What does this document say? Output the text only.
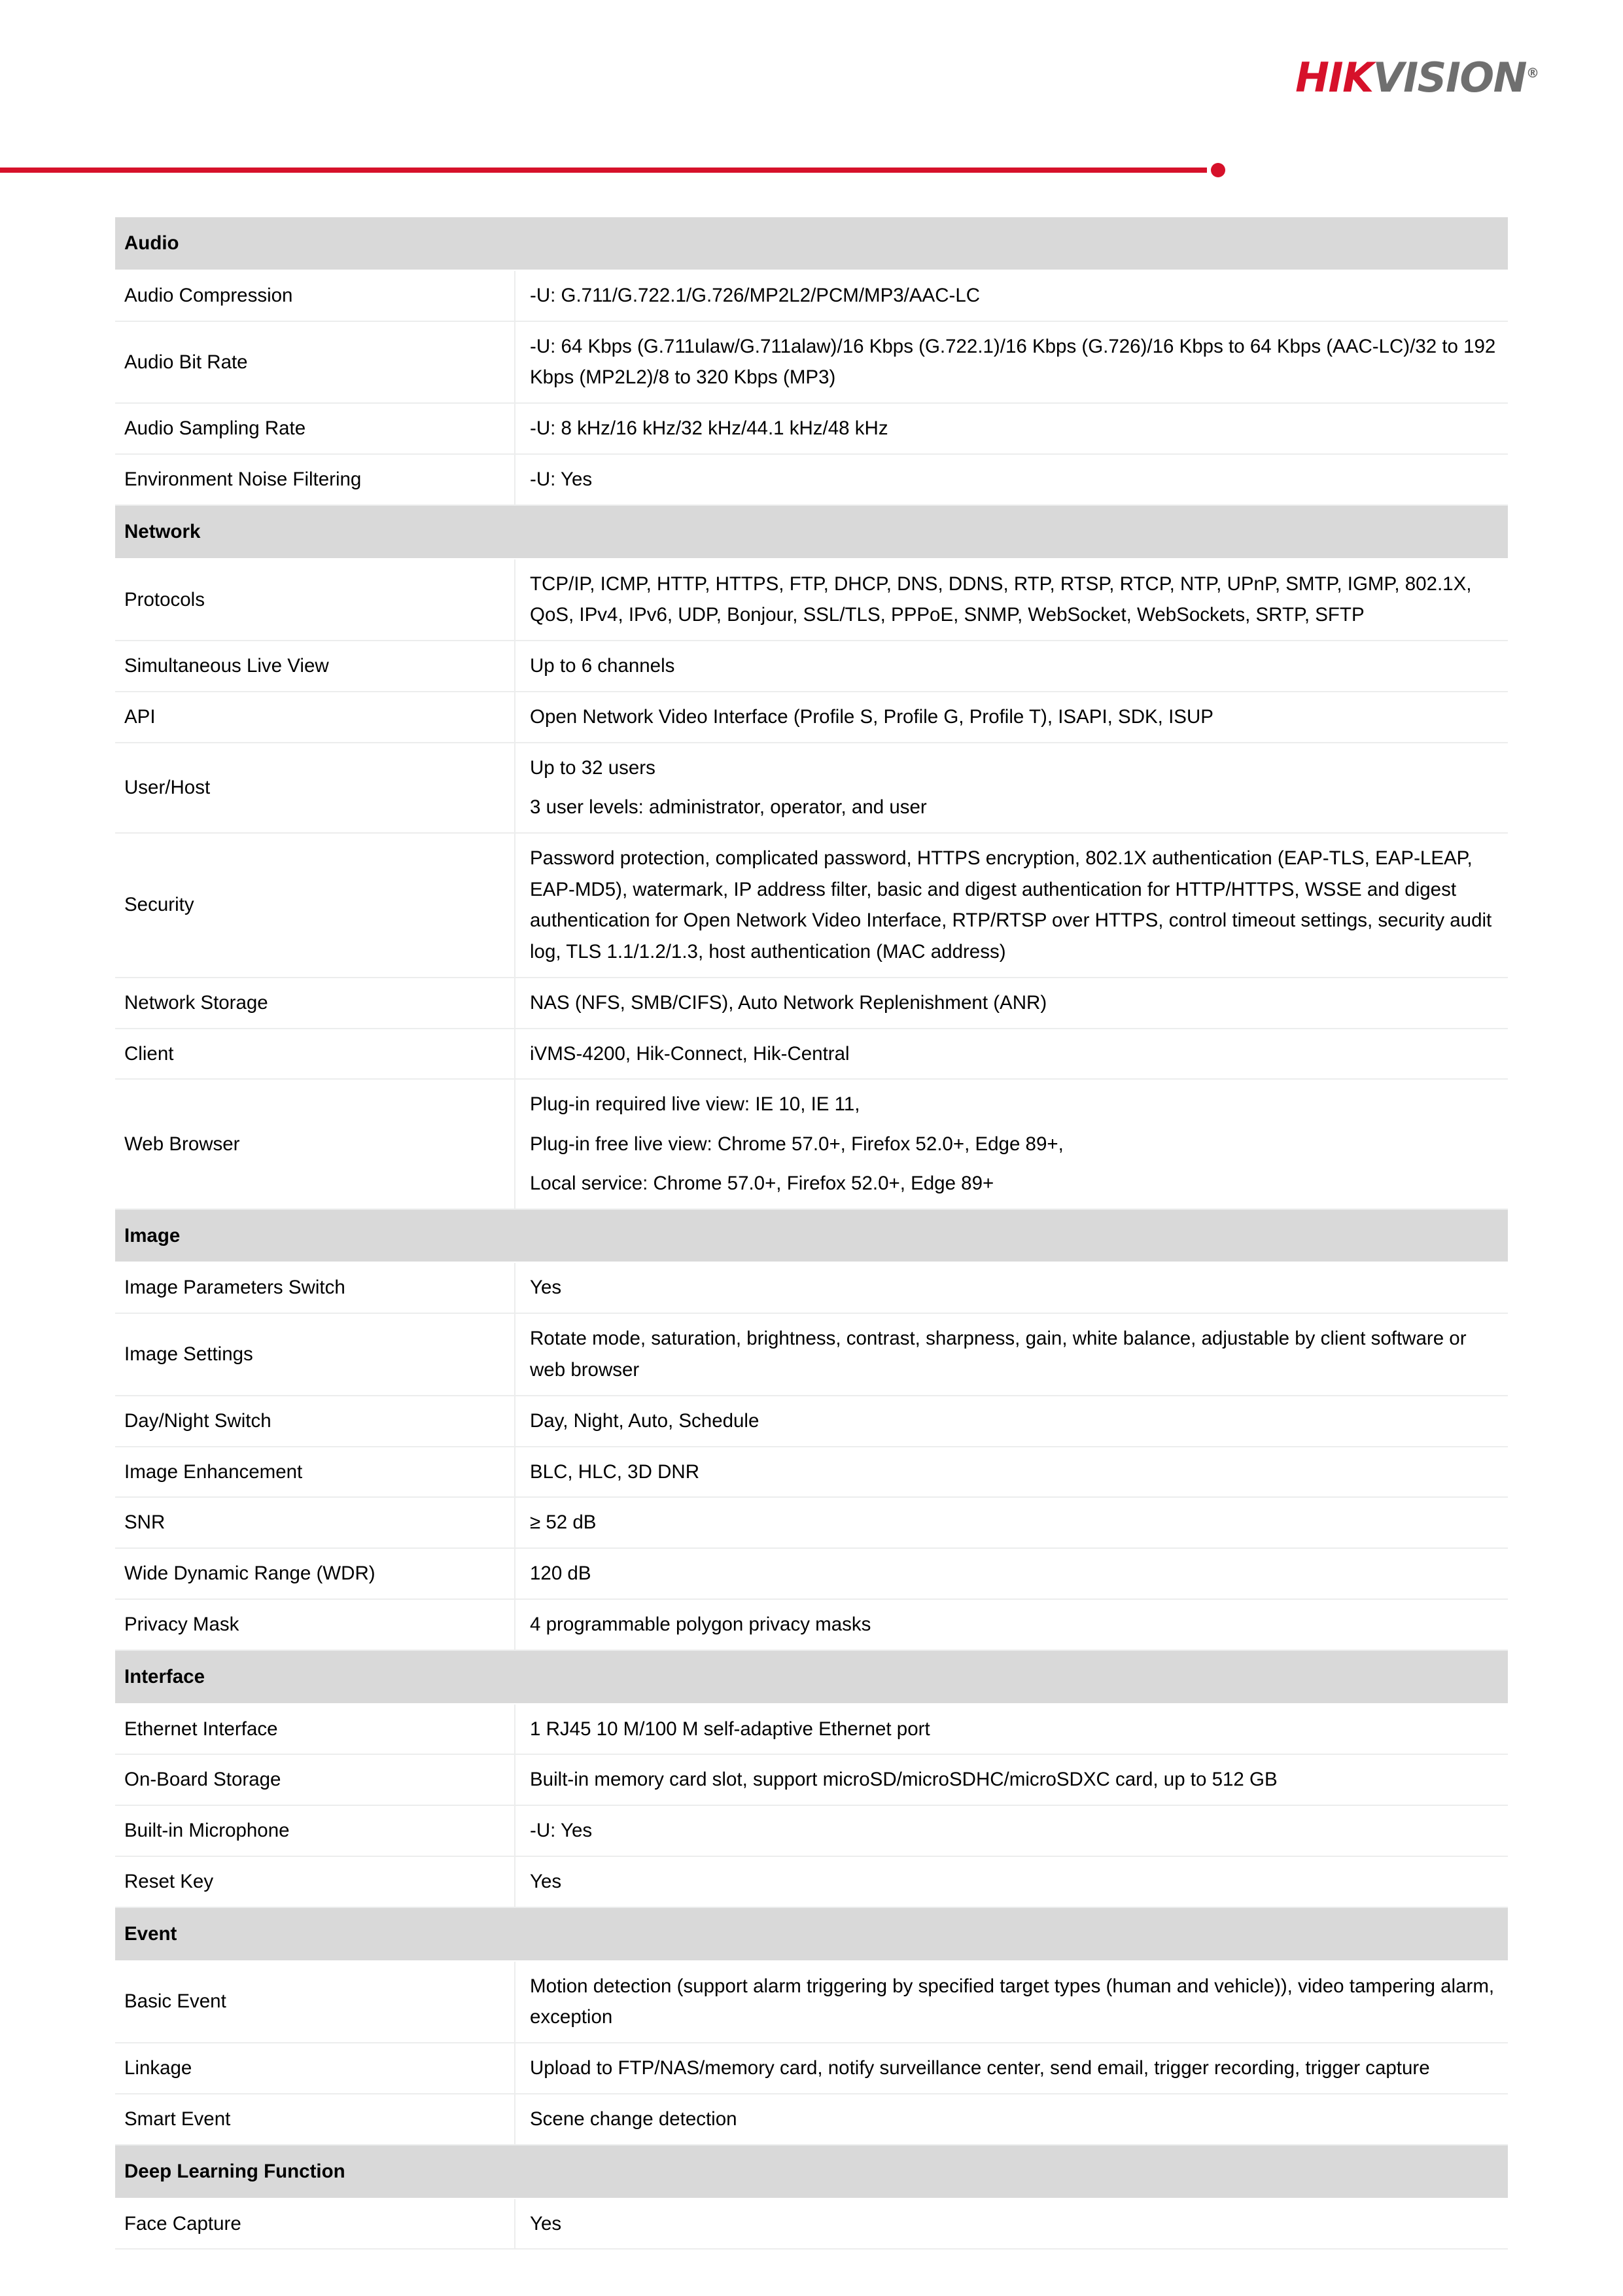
HIKVISION®
Audio	
Audio Compression	-U: G.711/G.722.1/G.726/MP2L2/PCM/MP3/AAC-LC

Audio Bit Rate	-U: 64 Kbps (G.711ulaw/G.711alaw)/16 Kbps (G.722.1)/16 Kbps (G.726)/16 Kbps to 64 Kbps (AAC-LC)/32 to 192 Kbps (MP2L2)/8 to 320 Kbps (MP3)

Audio Sampling Rate	-U: 8 kHz/16 kHz/32 kHz/44.1 kHz/48 kHz

Environment Noise Filtering	-U: Yes

Network	
Protocols	TCP/IP, ICMP, HTTP, HTTPS, FTP, DHCP, DNS, DDNS, RTP, RTSP, RTCP, NTP, UPnP, SMTP, IGMP, 802.1X, QoS, IPv4, IPv6, UDP, Bonjour, SSL/TLS, PPPoE, SNMP, WebSocket, WebSockets, SRTP, SFTP

Simultaneous Live View	Up to 6 channels

API	Open Network Video Interface (Profile S, Profile G, Profile T), ISAPI, SDK, ISUP

User/Host	Up to 32 users
3 user levels: administrator, operator, and user

Security	Password protection, complicated password, HTTPS encryption, 802.1X authentication (EAP-TLS, EAP-LEAP, EAP-MD5), watermark, IP address filter, basic and digest authentication for HTTP/HTTPS, WSSE and digest authentication for Open Network Video Interface, RTP/RTSP over HTTPS, control timeout settings, security audit log, TLS 1.1/1.2/1.3, host authentication (MAC address)

Network Storage	NAS (NFS, SMB/CIFS), Auto Network Replenishment (ANR)

Client	iVMS-4200, Hik-Connect, Hik-Central

Web Browser	Plug-in required live view: IE 10, IE 11,
Plug-in free live view: Chrome 57.0+, Firefox 52.0+, Edge 89+,
Local service: Chrome 57.0+, Firefox 52.0+, Edge 89+

Image	
Image Parameters Switch	Yes

Image Settings	Rotate mode, saturation, brightness, contrast, sharpness, gain, white balance, adjustable by client software or web browser

Day/Night Switch	Day, Night, Auto, Schedule

Image Enhancement	BLC, HLC, 3D DNR

SNR	≥ 52 dB

Wide Dynamic Range (WDR)	120 dB

Privacy Mask	4 programmable polygon privacy masks

Interface	
Ethernet Interface	1 RJ45 10 M/100 M self-adaptive Ethernet port

On-Board Storage	Built-in memory card slot, support microSD/microSDHC/microSDXC card, up to 512 GB

Built-in Microphone	-U: Yes

Reset Key	Yes

Event	
Basic Event	Motion detection (support alarm triggering by specified target types (human and vehicle)), video tampering alarm, exception

Linkage	Upload to FTP/NAS/memory card, notify surveillance center, send email, trigger recording, trigger capture

Smart Event	Scene change detection

Deep Learning Function	
Face Capture	Yes
